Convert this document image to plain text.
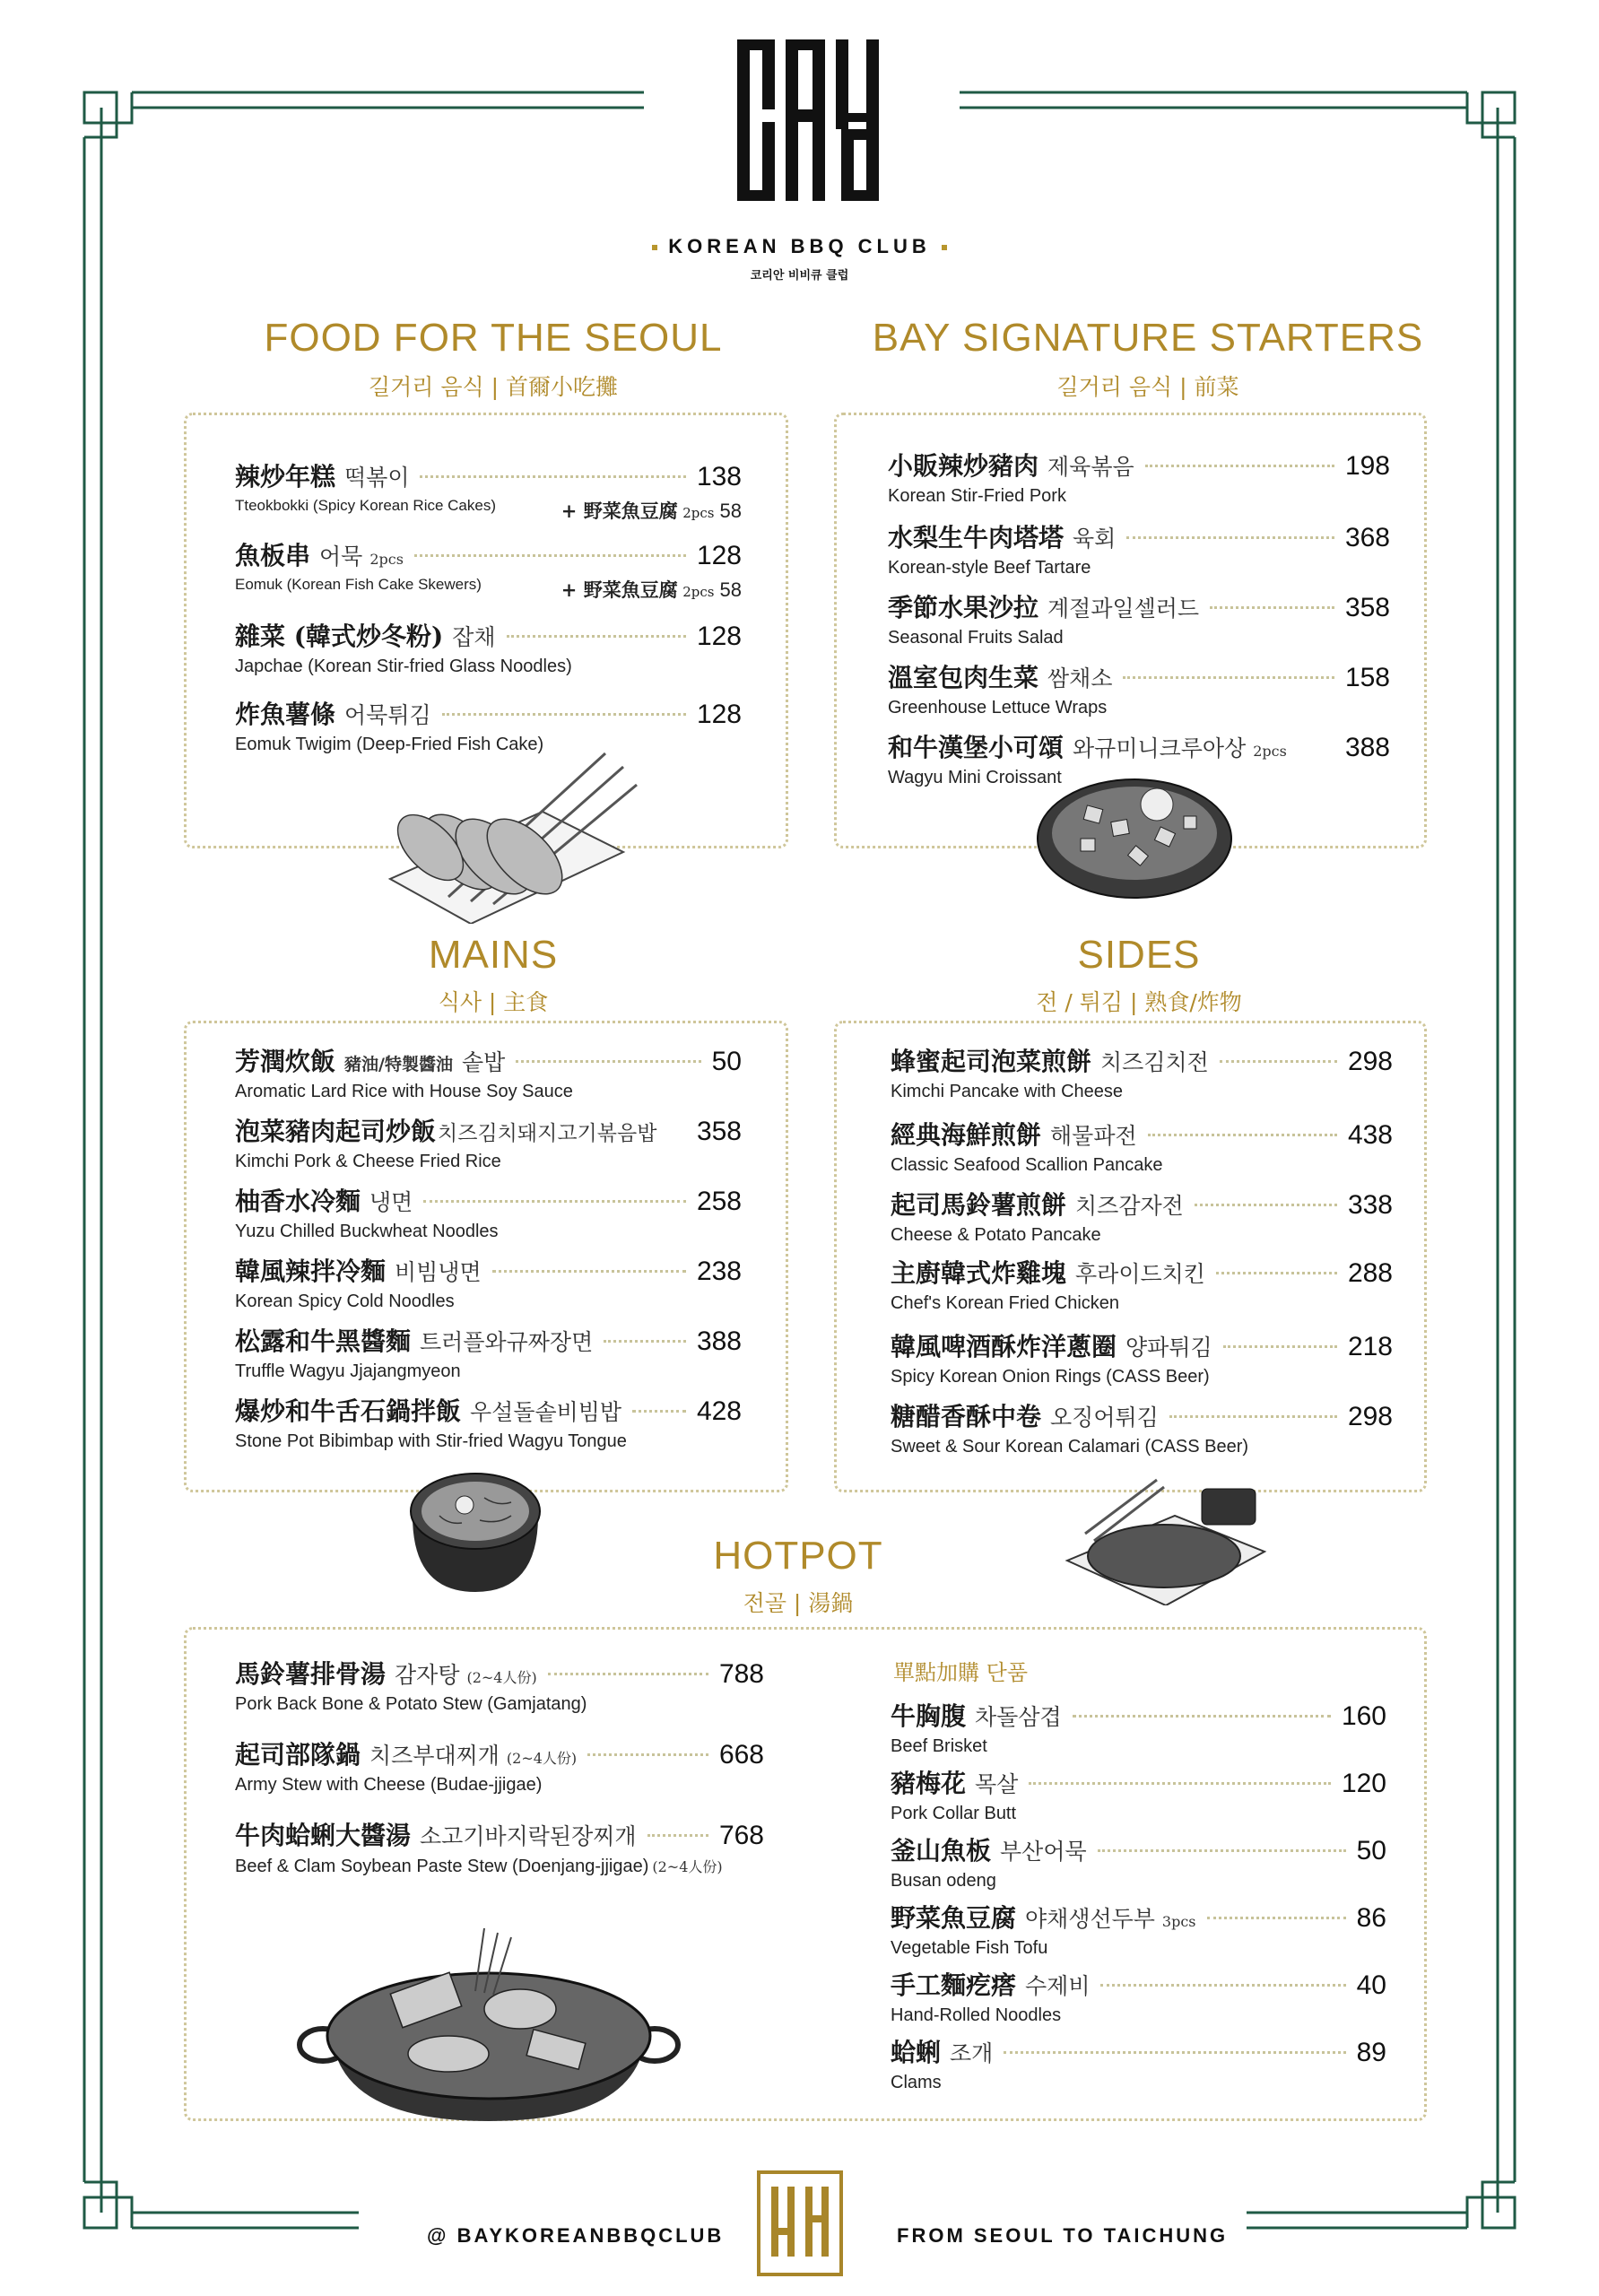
KOREAN BBQ CLUB
코리안 비비큐 클럽
FOOD FOR THE SEOUL
길거리 음식 | 首爾小吃攤
辣炒年糕 떡볶이	138
Tteokbokki (Spicy Korean Rice Cakes)	+ 野菜魚豆腐 2pcs 58
魚板串 어묵 2pcs	128
Eomuk (Korean Fish Cake Skewers)	+ 野菜魚豆腐 2pcs 58
雜菜 (韓式炒冬粉) 잡채	128
Japchae (Korean Stir-fried Glass Noodles)
炸魚薯條 어묵튀김	128
Eomuk Twigim (Deep-Fried Fish Cake)
BAY SIGNATURE STARTERS
길거리 음식 | 前菜
小販辣炒豬肉 제육볶음	198
Korean Stir-Fried Pork
水梨生牛肉塔塔 육회	368
Korean-style Beef Tartare
季節水果沙拉 계절과일셀러드	358
Seasonal Fruits Salad
溫室包肉生菜 쌈채소	158
Greenhouse Lettuce Wraps
和牛漢堡小可頌 와규미니크루아상 2pcs 388
Wagyu Mini Croissant
MAINS
식사 | 主食
芳潤炊飯 豬油/特製醬油 솥밥	50
Aromatic Lard Rice with House Soy Sauce
泡菜豬肉起司炒飯 치즈김치돼지고기볶음밥 358
Kimchi Pork & Cheese Fried Rice
柚香水冷麵 냉면	258
Yuzu Chilled Buckwheat Noodles
韓風辣拌冷麵 비빔냉면	238
Korean Spicy Cold Noodles
松露和牛黑醬麵 트러플와규짜장면	388
Truffle Wagyu Jjajangmyeon
爆炒和牛舌石鍋拌飯 우설돌솥비빔밥	428
Stone Pot Bibimbap with Stir-fried Wagyu Tongue
SIDES
전 / 튀김 | 熟食/炸物
蜂蜜起司泡菜煎餅 치즈김치전	298
Kimchi Pancake with Cheese
經典海鮮煎餅 해물파전	438
Classic Seafood Scallion Pancake
起司馬鈴薯煎餅 치즈감자전	338
Cheese & Potato Pancake
主廚韓式炸雞塊 후라이드치킨	288
Chef's Korean Fried Chicken
韓風啤酒酥炸洋蔥圈 양파튀김	218
Spicy Korean Onion Rings (CASS Beer)
糖醋香酥中卷 오징어튀김	298
Sweet & Sour Korean Calamari (CASS Beer)
HOTPOT
전골 | 湯鍋
馬鈴薯排骨湯 감자탕 (2~4人份)	788
Pork Back Bone & Potato Stew (Gamjatang)
起司部隊鍋 치즈부대찌개 (2~4人份)	668
Army Stew with Cheese (Budae-jjigae)
牛肉蛤蜊大醬湯 소고기바지락된장찌개	768
Beef & Clam Soybean Paste Stew (Doenjang-jjigae) (2~4人份)
單點加購 단품
牛胸腹 차돌삼겹	160
Beef Brisket
豬梅花 목살	120
Pork Collar Butt
釜山魚板 부산어묵	50
Busan odeng
野菜魚豆腐 야채생선두부 3pcs	86
Vegetable Fish Tofu
手工麵疙瘩 수제비	40
Hand-Rolled Noodles
蛤蜊 조개	89
Clams
@ BAYKOREANBBQCLUB	FROM SEOUL TO TAICHUNG
